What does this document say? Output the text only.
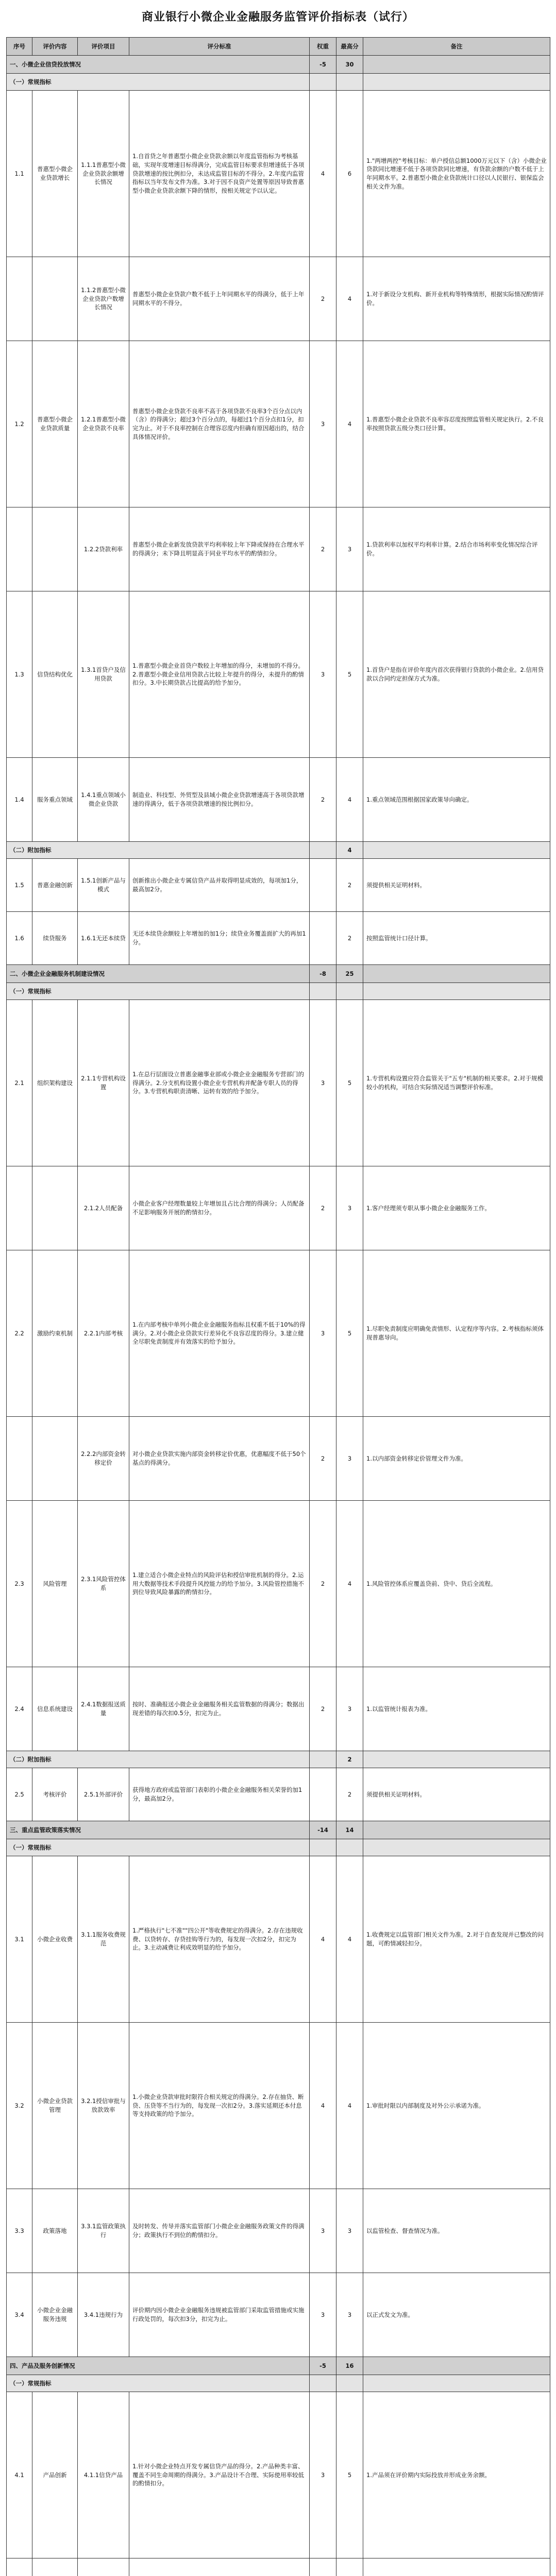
商业银行小微企业金融服务监管评价指标表（试行）
序号	评价内容	评价项目	评分标准	权重	最高分	备注
一、小微企业信贷投放情况				-5	30	
（一）常规指标						
1.1	普惠型小微企业贷款增长	1.1.1普惠型小微企业贷款余额增长情况	1.自首贷之年普惠型小微企业贷款余额以年度监管指标为考核基础，实现年度增速目标得满分，完成监管目标要求但增速低于各项贷款增速的按比例扣分，未达成监管目标的不得分。2.年度内监管指标以当年发布文件为准。3.对于因不良资产处置等原因导致普惠型小微企业贷款余额下降的情形，按相关规定予以认定。	4	6	1."两增两控"考核目标：单户授信总额1000万元以下（含）小微企业贷款同比增速不低于各项贷款同比增速，有贷款余额的户数不低于上年同期水平。2.普惠型小微企业贷款统计口径以人民银行、银保监会相关文件为准。
		1.1.2普惠型小微企业贷款户数增长情况	普惠型小微企业贷款户数不低于上年同期水平的得满分，低于上年同期水平的不得分。	2	4	1.对于新设分支机构、新开业机构等特殊情形，根据实际情况酌情评价。
1.2	普惠型小微企业贷款质量	1.2.1普惠型小微企业贷款不良率	普惠型小微企业贷款不良率不高于各项贷款不良率3个百分点以内（含）的得满分；超过3个百分点的，每超过1个百分点扣1分，扣完为止。对于不良率控制在合理容忍度内但确有原因超出的，结合具体情况评价。	3	4	1.普惠型小微企业贷款不良率容忍度按照监管相关规定执行。2.不良率按照贷款五级分类口径计算。
		1.2.2贷款利率	普惠型小微企业新发放贷款平均利率较上年下降或保持在合理水平的得满分；未下降且明显高于同业平均水平的酌情扣分。	2	3	1.贷款利率以加权平均利率计算。2.结合市场利率变化情况综合评价。
1.3	信贷结构优化	1.3.1首贷户及信用贷款	1.普惠型小微企业首贷户数较上年增加的得分，未增加的不得分。2.普惠型小微企业信用贷款占比较上年提升的得分，未提升的酌情扣分。3.中长期贷款占比提高的给予加分。	3	5	1.首贷户是指在评价年度内首次获得银行贷款的小微企业。2.信用贷款以合同约定担保方式为准。
1.4	服务重点领域	1.4.1重点领域小微企业贷款	制造业、科技型、外贸型及县域小微企业贷款增速高于各项贷款增速的得满分，低于各项贷款增速的按比例扣分。	2	4	1.重点领域范围根据国家政策导向确定。
（二）附加指标					4	
1.5	普惠金融创新	1.5.1创新产品与模式	创新推出小微企业专属信贷产品并取得明显成效的，每项加1分，最高加2分。		2	须提供相关证明材料。
1.6	续贷服务	1.6.1无还本续贷	无还本续贷余额较上年增加的加1分；续贷业务覆盖面扩大的再加1分。		2	按照监管统计口径计算。
二、小微企业金融服务机制建设情况				-8	25	
（一）常规指标						
2.1	组织架构建设	2.1.1专营机构设置	1.在总行层面设立普惠金融事业部或小微企业金融服务专营部门的得满分。2.分支机构设置小微企业专营机构并配备专职人员的得分。3.专营机构职责清晰、运转有效的给予加分。	3	5	1.专营机构设置应符合监管关于"五专"机制的相关要求。2.对于规模较小的机构，可结合实际情况适当调整评价标准。
		2.1.2人员配备	小微企业客户经理数量较上年增加且占比合理的得满分；人员配备不足影响服务开展的酌情扣分。	2	3	1.客户经理须专职从事小微企业金融服务工作。
2.2	激励约束机制	2.2.1内部考核	1.在内部考核中单列小微企业金融服务指标且权重不低于10%的得满分。2.对小微企业贷款实行差异化不良容忍度的得分。3.建立健全尽职免责制度并有效落实的给予加分。	3	5	1.尽职免责制度应明确免责情形、认定程序等内容。2.考核指标须体现普惠导向。
		2.2.2内部资金转移定价	对小微企业贷款实施内部资金转移定价优惠，优惠幅度不低于50个基点的得满分。	2	3	1.以内部资金转移定价管理文件为准。
2.3	风险管理	2.3.1风险管控体系	1.建立适合小微企业特点的风险评估和授信审批机制的得分。2.运用大数据等技术手段提升风控能力的给予加分。3.风险管控措施不到位导致风险暴露的酌情扣分。	2	4	1.风险管控体系应覆盖贷前、贷中、贷后全流程。
2.4	信息系统建设	2.4.1数据报送质量	按时、准确报送小微企业金融服务相关监管数据的得满分；数据出现差错的每次扣0.5分，扣完为止。	2	3	1.以监管统计报表为准。
（二）附加指标					2	
2.5	考核评价	2.5.1外部评价	获得地方政府或监管部门表彰的小微企业金融服务相关荣誉的加1分，最高加2分。		2	须提供相关证明材料。
三、重点监管政策落实情况				-14	14	
（一）常规指标						
3.1	小微企业收费	3.1.1服务收费规范	1.严格执行"七不准""四公开"等收费规定的得满分。2.存在违规收费、以贷转存、存贷挂钩等行为的，每发现一次扣2分，扣完为止。3.主动减费让利成效明显的给予加分。	4	4	1.收费规定以监管部门相关文件为准。2.对于自查发现并已整改的问题，可酌情减轻扣分。
3.2	小微企业贷款管理	3.2.1授信审批与放款效率	1.小微企业贷款审批时限符合相关规定的得满分。2.存在抽贷、断贷、压贷等不当行为的，每发现一次扣2分。3.落实延期还本付息等支持政策的给予加分。	4	4	1.审批时限以内部制度及对外公示承诺为准。
3.3	政策落地	3.3.1监管政策执行	及时转发、传导并落实监管部门小微企业金融服务政策文件的得满分；政策执行不到位的酌情扣分。	3	3	以监管检查、督查情况为准。
3.4	小微企业金融服务违规	3.4.1违规行为	评价期内因小微企业金融服务违规被监管部门采取监管措施或实施行政处罚的，每次扣3分，扣完为止。	3	3	以正式发文为准。
四、产品及服务创新情况				-5	16	
（一）常规指标						
4.1	产品创新	4.1.1信贷产品	1.针对小微企业特点开发专属信贷产品的得分。2.产品种类丰富、覆盖不同生命周期的得满分。3.产品设计不合理、实际使用率较低的酌情扣分。	3	5	1.产品须在评价期内实际投放并形成业务余额。
